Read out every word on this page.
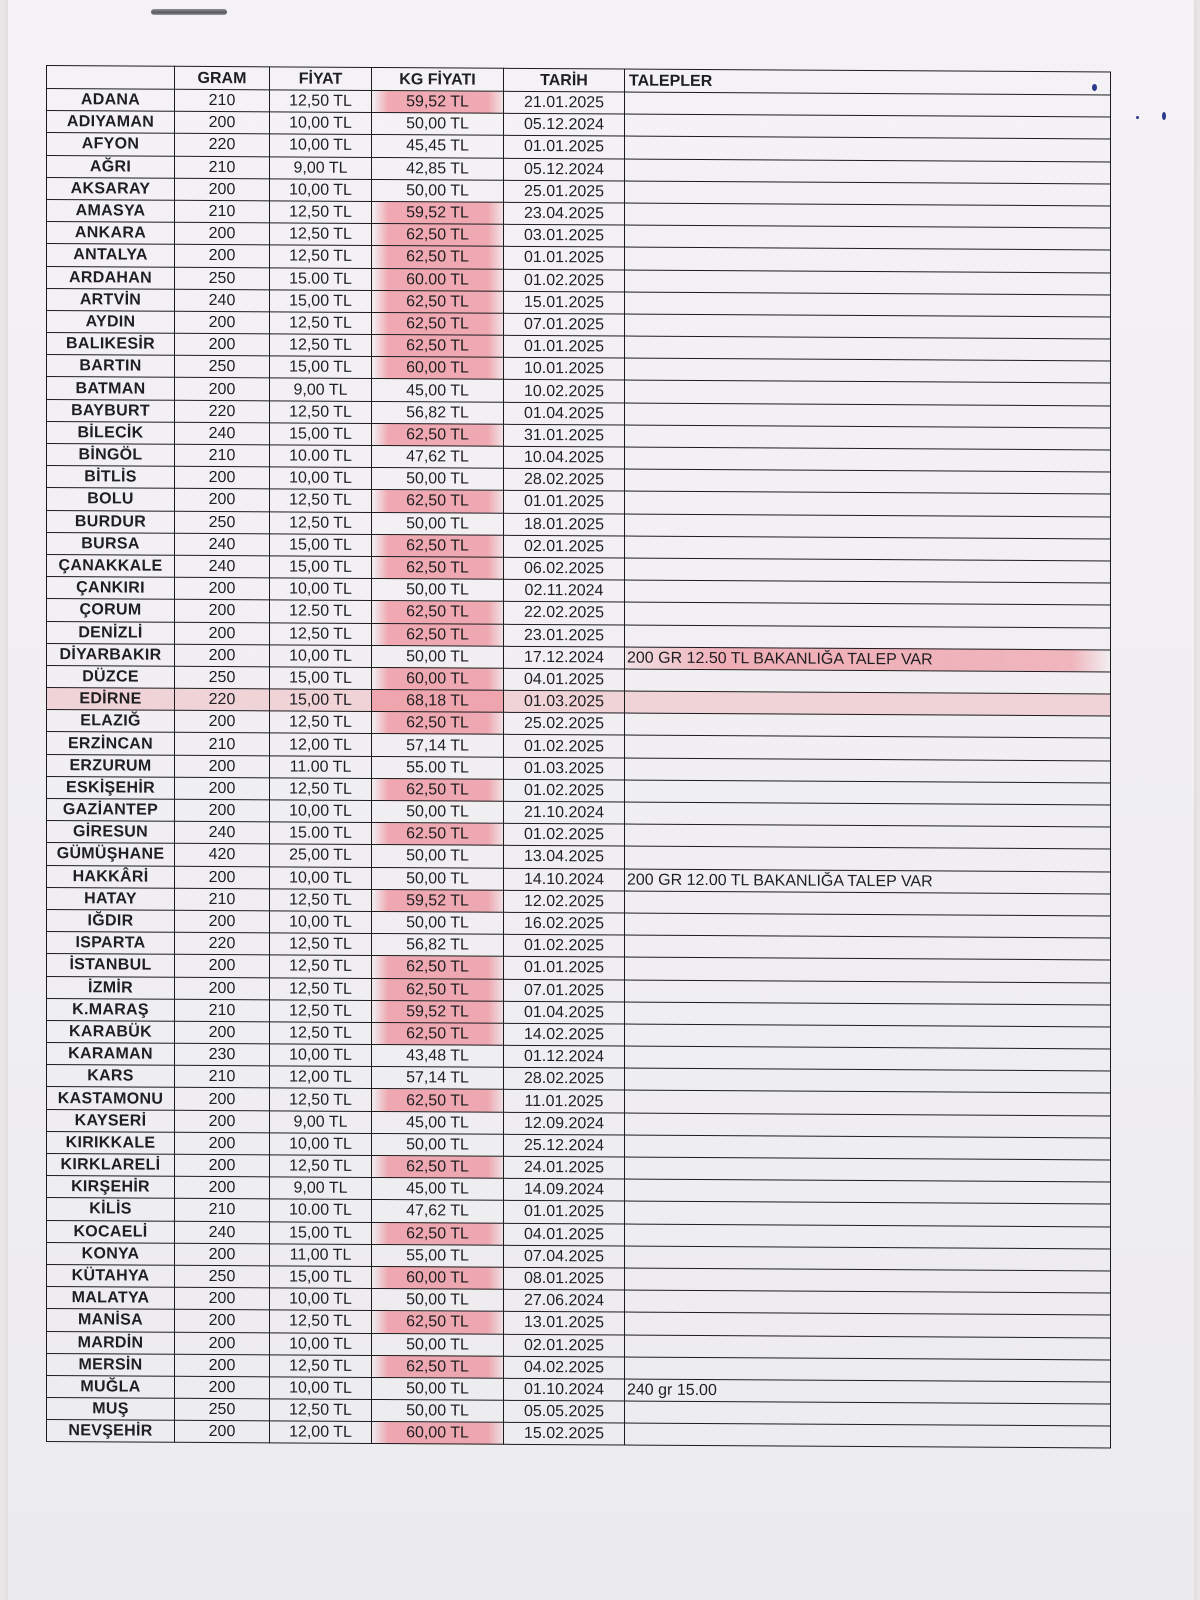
	GRAM	FİYAT	KG FİYATI	TARİH	TALEPLER
ADANA	210	12,50 TL	59,52 TL	21.01.2025	
ADIYAMAN	200	10,00 TL	50,00 TL	05.12.2024	
AFYON	220	10,00 TL	45,45 TL	01.01.2025	
AĞRI	210	9,00 TL	42,85 TL	05.12.2024	
AKSARAY	200	10,00 TL	50,00 TL	25.01.2025	
AMASYA	210	12,50 TL	59,52 TL	23.04.2025	
ANKARA	200	12,50 TL	62,50 TL	03.01.2025	
ANTALYA	200	12,50 TL	62,50 TL	01.01.2025	
ARDAHAN	250	15.00 TL	60.00 TL	01.02.2025	
ARTVİN	240	15,00 TL	62,50 TL	15.01.2025	
AYDIN	200	12,50 TL	62,50 TL	07.01.2025	
BALIKESİR	200	12,50 TL	62,50 TL	01.01.2025	
BARTIN	250	15,00 TL	60,00 TL	10.01.2025	
BATMAN	200	9,00 TL	45,00 TL	10.02.2025	
BAYBURT	220	12,50 TL	56,82 TL	01.04.2025	
BİLECİK	240	15,00 TL	62,50 TL	31.01.2025	
BİNGÖL	210	10.00 TL	47,62 TL	10.04.2025	
BİTLİS	200	10,00 TL	50,00 TL	28.02.2025	
BOLU	200	12,50 TL	62,50 TL	01.01.2025	
BURDUR	250	12,50 TL	50,00 TL	18.01.2025	
BURSA	240	15,00 TL	62,50 TL	02.01.2025	
ÇANAKKALE	240	15,00 TL	62,50 TL	06.02.2025	
ÇANKIRI	200	10,00 TL	50,00 TL	02.11.2024	
ÇORUM	200	12.50 TL	62,50 TL	22.02.2025	
DENİZLİ	200	12,50 TL	62,50 TL	23.01.2025	
DİYARBAKIR	200	10,00 TL	50,00 TL	17.12.2024	200 GR 12.50 TL BAKANLIĞA TALEP VAR
DÜZCE	250	15,00 TL	60,00 TL	04.01.2025	
EDİRNE	220	15,00 TL	68,18 TL	01.03.2025	
ELAZIĞ	200	12,50 TL	62,50 TL	25.02.2025	
ERZİNCAN	210	12,00 TL	57,14 TL	01.02.2025	
ERZURUM	200	11.00 TL	55.00 TL	01.03.2025	
ESKİŞEHİR	200	12,50 TL	62,50 TL	01.02.2025	
GAZİANTEP	200	10,00 TL	50,00 TL	21.10.2024	
GİRESUN	240	15.00 TL	62.50 TL	01.02.2025	
GÜMÜŞHANE	420	25,00 TL	50,00 TL	13.04.2025	
HAKKÂRİ	200	10,00 TL	50,00 TL	14.10.2024	200 GR 12.00 TL BAKANLIĞA TALEP VAR
HATAY	210	12,50 TL	59,52 TL	12.02.2025	
IĞDIR	200	10,00 TL	50,00 TL	16.02.2025	
ISPARTA	220	12,50 TL	56,82 TL	01.02.2025	
İSTANBUL	200	12,50 TL	62,50 TL	01.01.2025	
İZMİR	200	12,50 TL	62,50 TL	07.01.2025	
K.MARAŞ	210	12,50 TL	59,52 TL	01.04.2025	
KARABÜK	200	12,50 TL	62,50 TL	14.02.2025	
KARAMAN	230	10,00 TL	43,48 TL	01.12.2024	
KARS	210	12,00 TL	57,14 TL	28.02.2025	
KASTAMONU	200	12,50 TL	62,50 TL	11.01.2025	
KAYSERİ	200	9,00 TL	45,00 TL	12.09.2024	
KIRIKKALE	200	10,00 TL	50,00 TL	25.12.2024	
KIRKLARELİ	200	12,50 TL	62,50 TL	24.01.2025	
KIRŞEHİR	200	9,00 TL	45,00 TL	14.09.2024	
KİLİS	210	10.00 TL	47,62 TL	01.01.2025	
KOCAELİ	240	15,00 TL	62,50 TL	04.01.2025	
KONYA	200	11,00 TL	55,00 TL	07.04.2025	
KÜTAHYA	250	15,00 TL	60,00 TL	08.01.2025	
MALATYA	200	10,00 TL	50,00 TL	27.06.2024	
MANİSA	200	12,50 TL	62,50 TL	13.01.2025	
MARDİN	200	10,00 TL	50,00 TL	02.01.2025	
MERSİN	200	12,50 TL	62,50 TL	04.02.2025	
MUĞLA	200	10,00 TL	50,00 TL	01.10.2024	240 gr 15.00
MUŞ	250	12,50 TL	50,00 TL	05.05.2025	
NEVŞEHİR	200	12,00 TL	60,00 TL	15.02.2025	
